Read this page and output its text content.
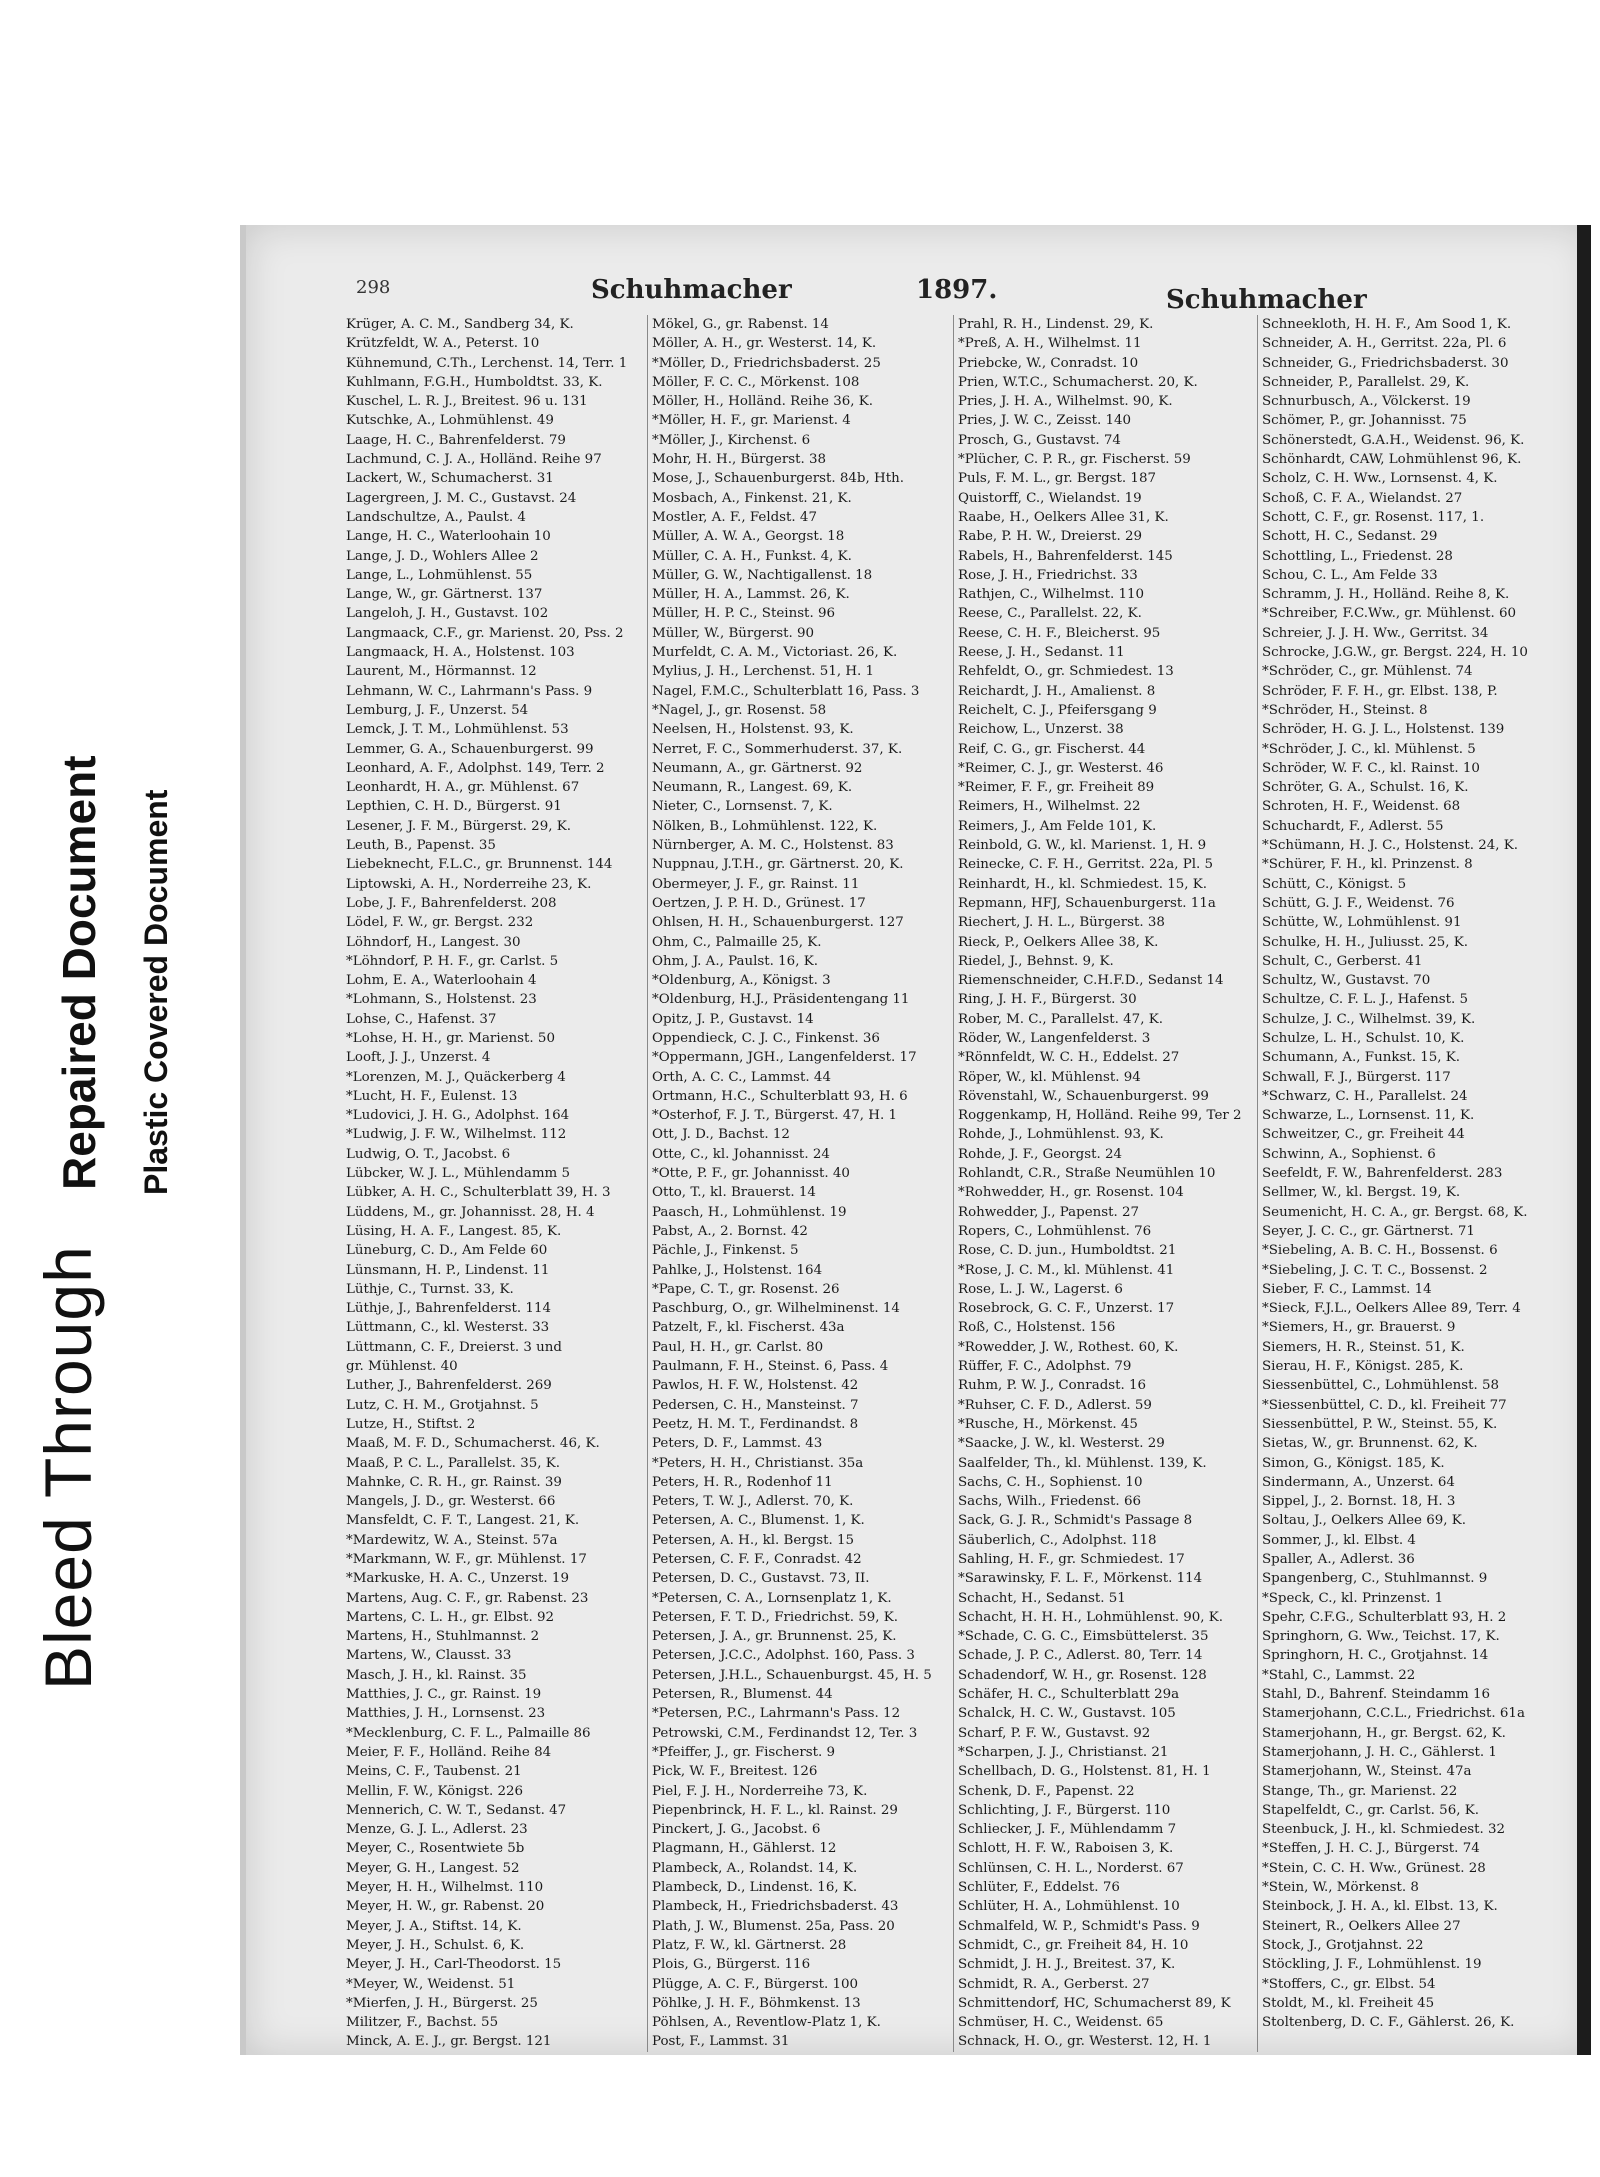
Bleed Through
Repaired Document Plastic Covered Document
298	Schuhmacher	1897.	Schuhmacher
Krüger, A. C. M., Sandberg 34, K.
Krützfeldt, W. A., Peterst. 10
Kühnemund, C.Th., Lerchenst. 14, Terr. 1
Kuhlmann, F.G.H., Humboldtst. 33, K.
Kuschel, L. R. J., Breitest. 96 u. 131
Kutschke, A., Lohmühlenst. 49
Laage, H. C., Bahrenfelderst. 79
Lachmund, C. J. A., Holländ. Reihe 97
Lackert, W., Schumacherst. 31
Lagergreen, J. M. C., Gustavst. 24
Landschultze, A., Paulst. 4
Lange, H. C., Waterloohain 10
Lange, J. D., Wohlers Allee 2
Lange, L., Lohmühlenst. 55
Lange, W., gr. Gärtnerst. 137
Langeloh, J. H., Gustavst. 102
Langmaack, C.F., gr. Marienst. 20, Pss. 2
Langmaack, H. A., Holstenst. 103
Laurent, M., Hörmannst. 12
Lehmann, W. C., Lahrmann's Pass. 9
Lemburg, J. F., Unzerst. 54
Lemck, J. T. M., Lohmühlenst. 53
Lemmer, G. A., Schauenburgerst. 99
Leonhard, A. F., Adolphst. 149, Terr. 2
Leonhardt, H. A., gr. Mühlenst. 67
Lepthien, C. H. D., Bürgerst. 91
Lesener, J. F. M., Bürgerst. 29, K.
Leuth, B., Papenst. 35
Liebeknecht, F.L.C., gr. Brunnenst. 144
Liptowski, A. H., Norderreihe 23, K.
Lobe, J. F., Bahrenfelderst. 208
Lödel, F. W., gr. Bergst. 232
Löhndorf, H., Langest. 30
*Löhndorf, P. H. F., gr. Carlst. 5
Lohm, E. A., Waterloohain 4
*Lohmann, S., Holstenst. 23
Lohse, C., Hafenst. 37
*Lohse, H. H., gr. Marienst. 50
Looft, J. J., Unzerst. 4
*Lorenzen, M. J., Quäckerberg 4
*Lucht, H. F., Eulenst. 13
*Ludovici, J. H. G., Adolphst. 164
*Ludwig, J. F. W., Wilhelmst. 112
Ludwig, O. T., Jacobst. 6
Lübcker, W. J. L., Mühlendamm 5
Lübker, A. H. C., Schulterblatt 39, H. 3
Lüddens, M., gr. Johannisst. 28, H. 4
Lüsing, H. A. F., Langest. 85, K.
Lüneburg, C. D., Am Felde 60
Lünsmann, H. P., Lindenst. 11
Lüthje, C., Turnst. 33, K.
Lüthje, J., Bahrenfelderst. 114
Lüttmann, C., kl. Westerst. 33
Lüttmann, C. F., Dreierst. 3 und
gr. Mühlenst. 40
Luther, J., Bahrenfelderst. 269
Lutz, C. H. M., Grotjahnst. 5
Lutze, H., Stiftst. 2
Maaß, M. F. D., Schumacherst. 46, K.
Maaß, P. C. L., Parallelst. 35, K.
Mahnke, C. R. H., gr. Rainst. 39
Mangels, J. D., gr. Westerst. 66
Mansfeldt, C. F. T., Langest. 21, K.
*Mardewitz, W. A., Steinst. 57a
*Markmann, W. F., gr. Mühlenst. 17
*Markuske, H. A. C., Unzerst. 19
Martens, Aug. C. F., gr. Rabenst. 23
Martens, C. L. H., gr. Elbst. 92
Martens, H., Stuhlmannst. 2
Martens, W., Clausst. 33
Masch, J. H., kl. Rainst. 35
Matthies, J. C., gr. Rainst. 19
Matthies, J. H., Lornsenst. 23
*Mecklenburg, C. F. L., Palmaille 86
Meier, F. F., Holländ. Reihe 84
Meins, C. F., Taubenst. 21
Mellin, F. W., Königst. 226
Mennerich, C. W. T., Sedanst. 47
Menze, G. J. L., Adlerst. 23
Meyer, C., Rosentwiete 5b
Meyer, G. H., Langest. 52
Meyer, H. H., Wilhelmst. 110
Meyer, H. W., gr. Rabenst. 20
Meyer, J. A., Stiftst. 14, K.
Meyer, J. H., Schulst. 6, K.
Meyer, J. H., Carl-Theodorst. 15
*Meyer, W., Weidenst. 51
*Mierfen, J. H., Bürgerst. 25
Militzer, F., Bachst. 55
Minck, A. E. J., gr. Bergst. 121
Mökel, G., gr. Rabenst. 14
Möller, A. H., gr. Westerst. 14, K.
*Möller, D., Friedrichsbaderst. 25
Möller, F. C. C., Mörkenst. 108
Möller, H., Holländ. Reihe 36, K.
*Möller, H. F., gr. Marienst. 4
*Möller, J., Kirchenst. 6
Mohr, H. H., Bürgerst. 38
Mose, J., Schauenburgerst. 84b, Hth.
Mosbach, A., Finkenst. 21, K.
Mostler, A. F., Feldst. 47
Müller, A. W. A., Georgst. 18
Müller, C. A. H., Funkst. 4, K.
Müller, G. W., Nachtigallenst. 18
Müller, H. A., Lammst. 26, K.
Müller, H. P. C., Steinst. 96
Müller, W., Bürgerst. 90
Murfeldt, C. A. M., Victoriast. 26, K.
Mylius, J. H., Lerchenst. 51, H. 1
Nagel, F.M.C., Schulterblatt 16, Pass. 3
*Nagel, J., gr. Rosenst. 58
Neelsen, H., Holstenst. 93, K.
Nerret, F. C., Sommerhuderst. 37, K.
Neumann, A., gr. Gärtnerst. 92
Neumann, R., Langest. 69, K.
Nieter, C., Lornsenst. 7, K.
Nölken, B., Lohmühlenst. 122, K.
Nürnberger, A. M. C., Holstenst. 83
Nuppnau, J.T.H., gr. Gärtnerst. 20, K.
Obermeyer, J. F., gr. Rainst. 11
Oertzen, J. P. H. D., Grünest. 17
Ohlsen, H. H., Schauenburgerst. 127
Ohm, C., Palmaille 25, K.
Ohm, J. A., Paulst. 16, K.
*Oldenburg, A., Königst. 3
*Oldenburg, H.J., Präsidentengang 11
Opitz, J. P., Gustavst. 14
Oppendieck, C. J. C., Finkenst. 36
*Oppermann, JGH., Langenfelderst. 17
Orth, A. C. C., Lammst. 44
Ortmann, H.C., Schulterblatt 93, H. 6
*Osterhof, F. J. T., Bürgerst. 47, H. 1
Ott, J. D., Bachst. 12
Otte, C., kl. Johannisst. 24
*Otte, P. F., gr. Johannisst. 40
Otto, T., kl. Brauerst. 14
Paasch, H., Lohmühlenst. 19
Pabst, A., 2. Bornst. 42
Pächle, J., Finkenst. 5
Pahlke, J., Holstenst. 164
*Pape, C. T., gr. Rosenst. 26
Paschburg, O., gr. Wilhelminenst. 14
Patzelt, F., kl. Fischerst. 43a
Paul, H. H., gr. Carlst. 80
Paulmann, F. H., Steinst. 6, Pass. 4
Pawlos, H. F. W., Holstenst. 42
Pedersen, C. H., Mansteinst. 7
Peetz, H. M. T., Ferdinandst. 8
Peters, D. F., Lammst. 43
*Peters, H. H., Christianst. 35a
Peters, H. R., Rodenhof 11
Peters, T. W. J., Adlerst. 70, K.
Petersen, A. C., Blumenst. 1, K.
Petersen, A. H., kl. Bergst. 15
Petersen, C. F. F., Conradst. 42
Petersen, D. C., Gustavst. 73, II.
*Petersen, C. A., Lornsenplatz 1, K.
Petersen, F. T. D., Friedrichst. 59, K.
Petersen, J. A., gr. Brunnenst. 25, K.
Petersen, J.C.C., Adolphst. 160, Pass. 3
Petersen, J.H.L., Schauenburgst. 45, H. 5
Petersen, R., Blumenst. 44
*Petersen, P.C., Lahrmann's Pass. 12
Petrowski, C.M., Ferdinandst 12, Ter. 3
*Pfeiffer, J., gr. Fischerst. 9
Pick, W. F., Breitest. 126
Piel, F. J. H., Norderreihe 73, K.
Piepenbrinck, H. F. L., kl. Rainst. 29
Pinckert, J. G., Jacobst. 6
Plagmann, H., Gählerst. 12
Plambeck, A., Rolandst. 14, K.
Plambeck, D., Lindenst. 16, K.
Plambeck, H., Friedrichsbaderst. 43
Plath, J. W., Blumenst. 25a, Pass. 20
Platz, F. W., kl. Gärtnerst. 28
Plois, G., Bürgerst. 116
Plügge, A. C. F., Bürgerst. 100
Pöhlke, J. H. F., Böhmkenst. 13
Pöhlsen, A., Reventlow-Platz 1, K.
Post, F., Lammst. 31
Prahl, R. H., Lindenst. 29, K.
*Preß, A. H., Wilhelmst. 11
Priebcke, W., Conradst. 10
Prien, W.T.C., Schumacherst. 20, K.
Pries, J. H. A., Wilhelmst. 90, K.
Pries, J. W. C., Zeisst. 140
Prosch, G., Gustavst. 74
*Plücher, C. P. R., gr. Fischerst. 59
Puls, F. M. L., gr. Bergst. 187
Quistorff, C., Wielandst. 19
Raabe, H., Oelkers Allee 31, K.
Rabe, P. H. W., Dreierst. 29
Rabels, H., Bahrenfelderst. 145
Rose, J. H., Friedrichst. 33
Rathjen, C., Wilhelmst. 110
Reese, C., Parallelst. 22, K.
Reese, C. H. F., Bleicherst. 95
Reese, J. H., Sedanst. 11
Rehfeldt, O., gr. Schmiedest. 13
Reichardt, J. H., Amalienst. 8
Reichelt, C. J., Pfeifersgang 9
Reichow, L., Unzerst. 38
Reif, C. G., gr. Fischerst. 44
*Reimer, C. J., gr. Westerst. 46
*Reimer, F. F., gr. Freiheit 89
Reimers, H., Wilhelmst. 22
Reimers, J., Am Felde 101, K.
Reinbold, G. W., kl. Marienst. 1, H. 9
Reinecke, C. F. H., Gerritst. 22a, Pl. 5
Reinhardt, H., kl. Schmiedest. 15, K.
Repmann, HFJ, Schauenburgerst. 11a
Riechert, J. H. L., Bürgerst. 38
Rieck, P., Oelkers Allee 38, K.
Riedel, J., Behnst. 9, K.
Riemenschneider, C.H.F.D., Sedanst 14
Ring, J. H. F., Bürgerst. 30
Rober, M. C., Parallelst. 47, K.
Röder, W., Langenfelderst. 3
*Rönnfeldt, W. C. H., Eddelst. 27
Röper, W., kl. Mühlenst. 94
Rövenstahl, W., Schauenburgerst. 99
Roggenkamp, H, Holländ. Reihe 99, Ter 2
Rohde, J., Lohmühlenst. 93, K.
Rohde, J. F., Georgst. 24
Rohlandt, C.R., Straße Neumühlen 10
*Rohwedder, H., gr. Rosenst. 104
Rohwedder, J., Papenst. 27
Ropers, C., Lohmühlenst. 76
Rose, C. D. jun., Humboldtst. 21
*Rose, J. C. M., kl. Mühlenst. 41
Rose, L. J. W., Lagerst. 6
Rosebrock, G. C. F., Unzerst. 17
Roß, C., Holstenst. 156
*Rowedder, J. W., Rothest. 60, K.
Rüffer, F. C., Adolphst. 79
Ruhm, P. W. J., Conradst. 16
*Ruhser, C. F. D., Adlerst. 59
*Rusche, H., Mörkenst. 45
*Saacke, J. W., kl. Westerst. 29
Saalfelder, Th., kl. Mühlenst. 139, K.
Sachs, C. H., Sophienst. 10
Sachs, Wilh., Friedenst. 66
Sack, G. J. R., Schmidt's Passage 8
Säuberlich, C., Adolphst. 118
Sahling, H. F., gr. Schmiedest. 17
*Sarawinsky, F. L. F., Mörkenst. 114
Schacht, H., Sedanst. 51
Schacht, H. H. H., Lohmühlenst. 90, K.
*Schade, C. G. C., Eimsbüttelerst. 35
Schade, J. P. C., Adlerst. 80, Terr. 14
Schadendorf, W. H., gr. Rosenst. 128
Schäfer, H. C., Schulterblatt 29a
Schalck, H. C. W., Gustavst. 105
Scharf, P. F. W., Gustavst. 92
*Scharpen, J. J., Christianst. 21
Schellbach, D. G., Holstenst. 81, H. 1
Schenk, D. F., Papenst. 22
Schlichting, J. F., Bürgerst. 110
Schliecker, J. F., Mühlendamm 7
Schlott, H. F. W., Raboisen 3, K.
Schlünsen, C. H. L., Norderst. 67
Schlüter, F., Eddelst. 76
Schlüter, H. A., Lohmühlenst. 10
Schmalfeld, W. P., Schmidt's Pass. 9
Schmidt, C., gr. Freiheit 84, H. 10
Schmidt, J. H. J., Breitest. 37, K.
Schmidt, R. A., Gerberst. 27
Schmittendorf, HC, Schumacherst 89, K
Schmüser, H. C., Weidenst. 65
Schnack, H. O., gr. Westerst. 12, H. 1
Schneekloth, H. H. F., Am Sood 1, K.
Schneider, A. H., Gerritst. 22a, Pl. 6
Schneider, G., Friedrichsbaderst. 30
Schneider, P., Parallelst. 29, K.
Schnurbusch, A., Völckerst. 19
Schömer, P., gr. Johannisst. 75
Schönerstedt, G.A.H., Weidenst. 96, K.
Schönhardt, CAW, Lohmühlenst 96, K.
Scholz, C. H. Ww., Lornsenst. 4, K.
Schoß, C. F. A., Wielandst. 27
Schott, C. F., gr. Rosenst. 117, 1.
Schott, H. C., Sedanst. 29
Schottling, L., Friedenst. 28
Schou, C. L., Am Felde 33
Schramm, J. H., Holländ. Reihe 8, K.
*Schreiber, F.C.Ww., gr. Mühlenst. 60
Schreier, J. J. H. Ww., Gerritst. 34
Schrocke, J.G.W., gr. Bergst. 224, H. 10
*Schröder, C., gr. Mühlenst. 74
Schröder, F. F. H., gr. Elbst. 138, P.
*Schröder, H., Steinst. 8
Schröder, H. G. J. L., Holstenst. 139
*Schröder, J. C., kl. Mühlenst. 5
Schröder, W. F. C., kl. Rainst. 10
Schröter, G. A., Schulst. 16, K.
Schroten, H. F., Weidenst. 68
Schuchardt, F., Adlerst. 55
*Schümann, H. J. C., Holstenst. 24, K.
*Schürer, F. H., kl. Prinzenst. 8
Schütt, C., Königst. 5
Schütt, G. J. F., Weidenst. 76
Schütte, W., Lohmühlenst. 91
Schulke, H. H., Juliusst. 25, K.
Schult, C., Gerberst. 41
Schultz, W., Gustavst. 70
Schultze, C. F. L. J., Hafenst. 5
Schulze, J. C., Wilhelmst. 39, K.
Schulze, L. H., Schulst. 10, K.
Schumann, A., Funkst. 15, K.
Schwall, F. J., Bürgerst. 117
*Schwarz, C. H., Parallelst. 24
Schwarze, L., Lornsenst. 11, K.
Schweitzer, C., gr. Freiheit 44
Schwinn, A., Sophienst. 6
Seefeldt, F. W., Bahrenfelderst. 283
Sellmer, W., kl. Bergst. 19, K.
Seumenicht, H. C. A., gr. Bergst. 68, K.
Seyer, J. C. C., gr. Gärtnerst. 71
*Siebeling, A. B. C. H., Bossenst. 6
*Siebeling, J. C. T. C., Bossenst. 2
Sieber, F. C., Lammst. 14
*Sieck, F.J.L., Oelkers Allee 89, Terr. 4
*Siemers, H., gr. Brauerst. 9
Siemers, H. R., Steinst. 51, K.
Sierau, H. F., Königst. 285, K.
Siessenbüttel, C., Lohmühlenst. 58
*Siessenbüttel, C. D., kl. Freiheit 77
Siessenbüttel, P. W., Steinst. 55, K.
Sietas, W., gr. Brunnenst. 62, K.
Simon, G., Königst. 185, K.
Sindermann, A., Unzerst. 64
Sippel, J., 2. Bornst. 18, H. 3
Soltau, J., Oelkers Allee 69, K.
Sommer, J., kl. Elbst. 4
Spaller, A., Adlerst. 36
Spangenberg, C., Stuhlmannst. 9
*Speck, C., kl. Prinzenst. 1
Spehr, C.F.G., Schulterblatt 93, H. 2
Springhorn, G. Ww., Teichst. 17, K.
Springhorn, H. C., Grotjahnst. 14
*Stahl, C., Lammst. 22
Stahl, D., Bahrenf. Steindamm 16
Stamerjohann, C.C.L., Friedrichst. 61a
Stamerjohann, H., gr. Bergst. 62, K.
Stamerjohann, J. H. C., Gählerst. 1
Stamerjohann, W., Steinst. 47a
Stange, Th., gr. Marienst. 22
Stapelfeldt, C., gr. Carlst. 56, K.
Steenbuck, J. H., kl. Schmiedest. 32
*Steffen, J. H. C. J., Bürgerst. 74
*Stein, C. C. H. Ww., Grünest. 28
*Stein, W., Mörkenst. 8
Steinbock, J. H. A., kl. Elbst. 13, K.
Steinert, R., Oelkers Allee 27
Stock, J., Grotjahnst. 22
Stöckling, J. F., Lohmühlenst. 19
*Stoffers, C., gr. Elbst. 54
Stoldt, M., kl. Freiheit 45
Stoltenberg, D. C. F., Gählerst. 26, K.
